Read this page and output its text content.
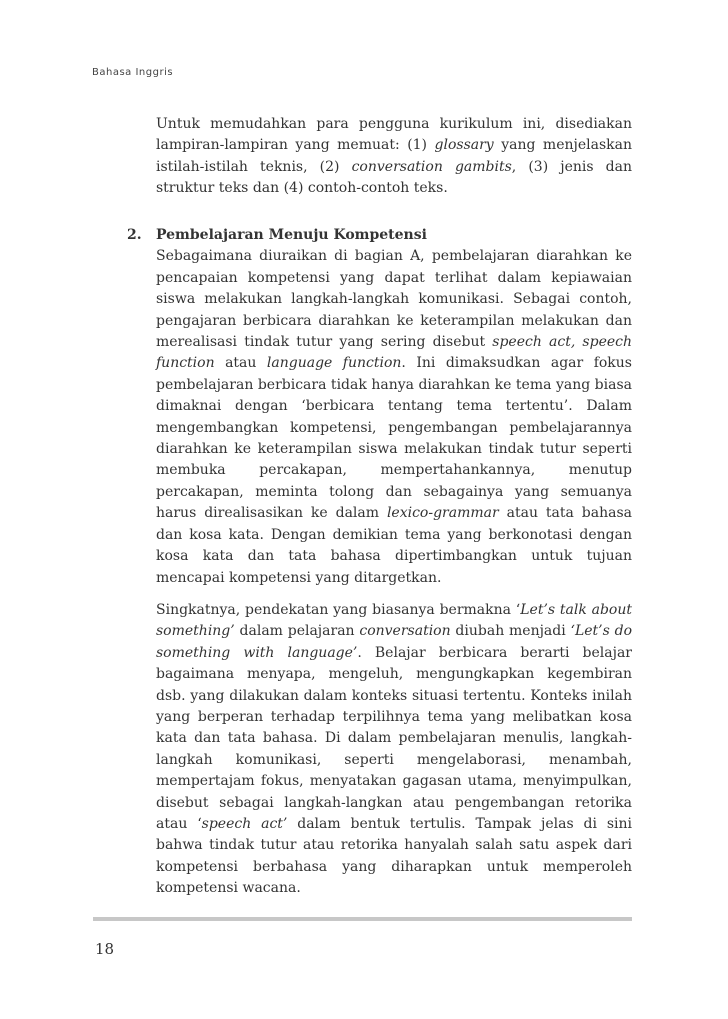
Bahasa Inggris
Untuk memudahkan para pengguna kurikulum ini, disediakan lampiran-lampiran yang memuat: (1) glossary yang menjelaskan istilah-istilah teknis, (2) conversation gambits, (3) jenis dan struktur teks dan (4) contoh-contoh teks.
2. Pembelajaran Menuju Kompetensi
Sebagaimana diuraikan di bagian A, pembelajaran diarahkan ke pencapaian kompetensi yang dapat terlihat dalam kepiawaian siswa melakukan langkah-langkah komunikasi. Sebagai contoh, pengajaran berbicara diarahkan ke keterampilan melakukan dan merealisasi tindak tutur yang sering disebut speech act, speech function atau language function. Ini dimaksudkan agar fokus pembelajaran berbicara tidak hanya diarahkan ke tema yang biasa dimaknai dengan ‘berbicara tentang tema tertentu’. Dalam mengembangkan kompetensi, pengembangan pembelajarannya diarahkan ke keterampilan siswa melakukan tindak tutur seperti membuka percakapan, mempertahankannya, menutup percakapan, meminta tolong dan sebagainya yang semuanya harus direalisasikan ke dalam lexico-grammar atau tata bahasa dan kosa kata. Dengan demikian tema yang berkonotasi dengan kosa kata dan tata bahasa dipertimbangkan untuk tujuan mencapai kompetensi yang ditargetkan.
Singkatnya, pendekatan yang biasanya bermakna ‘Let’s talk about something’ dalam pelajaran conversation diubah menjadi ‘Let’s do something with language’. Belajar berbicara berarti belajar bagaimana menyapa, mengeluh, mengungkapkan kegembiran dsb. yang dilakukan dalam konteks situasi tertentu. Konteks inilah yang berperan terhadap terpilihnya tema yang melibatkan kosa kata dan tata bahasa. Di dalam pembelajaran menulis, langkah-langkah komunikasi, seperti mengelaborasi, menambah, mempertajam fokus, menyatakan gagasan utama, menyimpulkan, disebut sebagai langkah-langkan atau pengembangan retorika atau ‘speech act’ dalam bentuk tertulis. Tampak jelas di sini bahwa tindak tutur atau retorika hanyalah salah satu aspek dari kompetensi berbahasa yang diharapkan untuk memperoleh kompetensi wacana.
18
